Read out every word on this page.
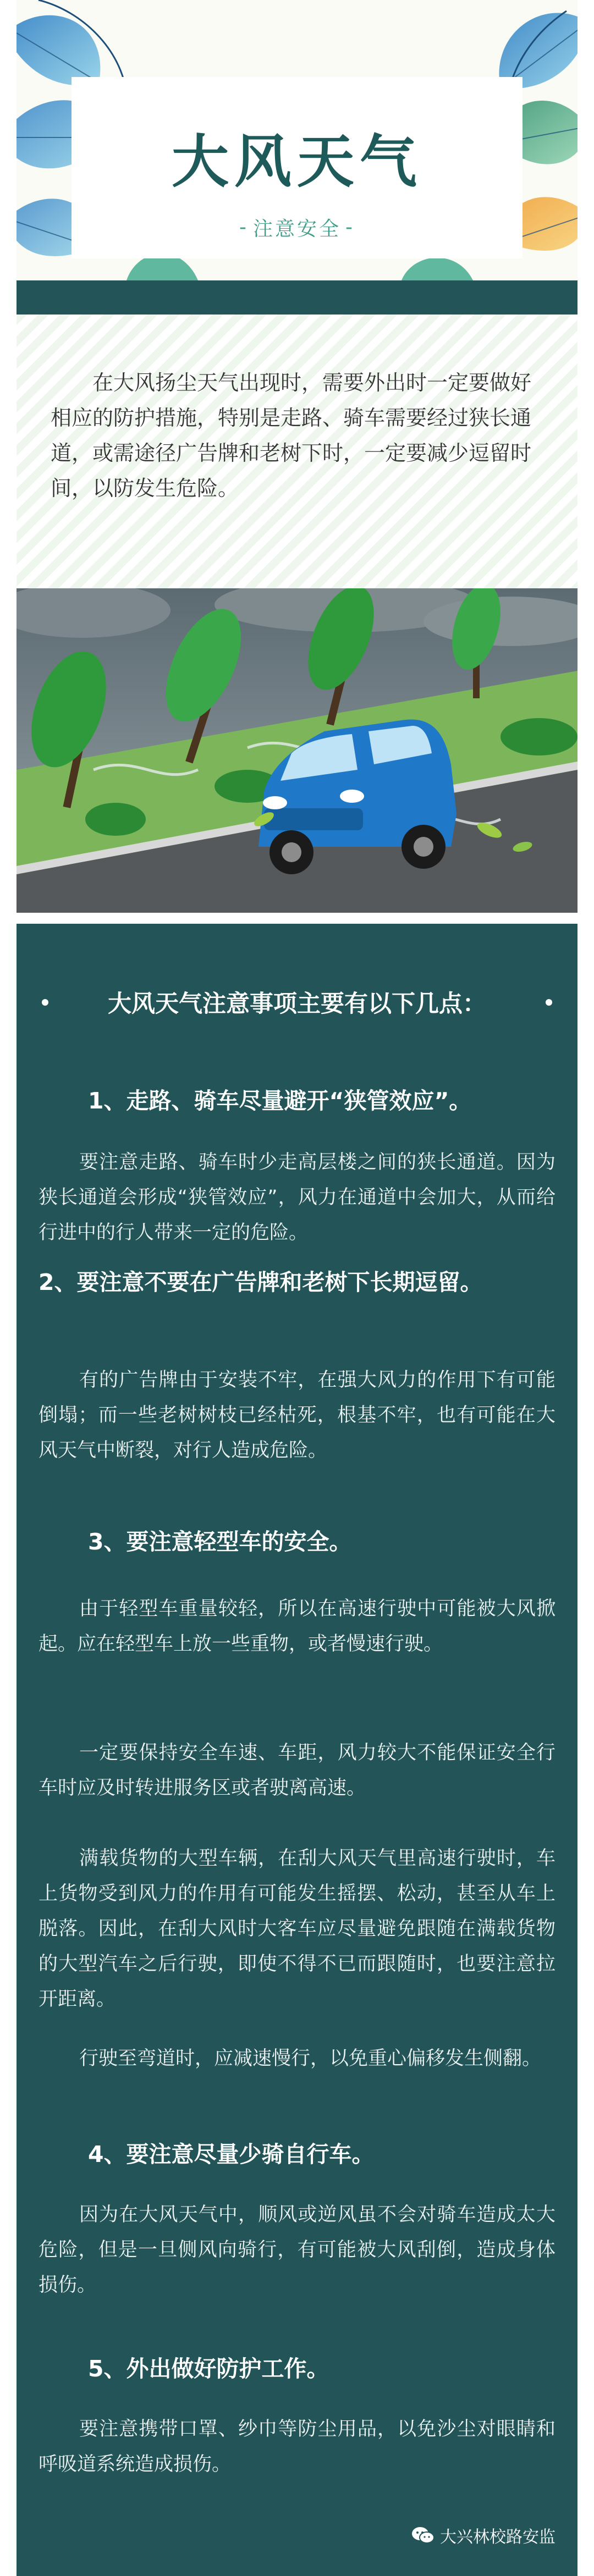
大风天气
- 注意安全 -
在大风扬尘天气出现时，需要外出时一定要做好相应的防护措施，特别是走路、骑车需要经过狭长通道，或需途径广告牌和老树下时，一定要减少逗留时间，以防发生危险。
大风天气注意事项主要有以下几点：
1、走路、骑车尽量避开“狭管效应”。
要注意走路、骑车时少走高层楼之间的狭长通道。因为狭长通道会形成“狭管效应”，风力在通道中会加大，从而给行进中的行人带来一定的危险。
2、要注意不要在广告牌和老树下长期逗留。
有的广告牌由于安装不牢，在强大风力的作用下有可能倒塌；而一些老树树枝已经枯死，根基不牢，也有可能在大风天气中断裂，对行人造成危险。
3、要注意轻型车的安全。
由于轻型车重量较轻，所以在高速行驶中可能被大风掀起。应在轻型车上放一些重物，或者慢速行驶。
一定要保持安全车速、车距，风力较大不能保证安全行车时应及时转进服务区或者驶离高速。
满载货物的大型车辆，在刮大风天气里高速行驶时，车上货物受到风力的作用有可能发生摇摆、松动，甚至从车上脱落。因此，在刮大风时大客车应尽量避免跟随在满载货物的大型汽车之后行驶，即使不得不已而跟随时，也要注意拉开距离。
行驶至弯道时，应减速慢行，以免重心偏移发生侧翻。
4、要注意尽量少骑自行车。
因为在大风天气中，顺风或逆风虽不会对骑车造成太大危险，但是一旦侧风向骑行，有可能被大风刮倒，造成身体损伤。
5、外出做好防护工作。
要注意携带口罩、纱巾等防尘用品，以免沙尘对眼睛和呼吸道系统造成损伤。
大兴林校路安监
